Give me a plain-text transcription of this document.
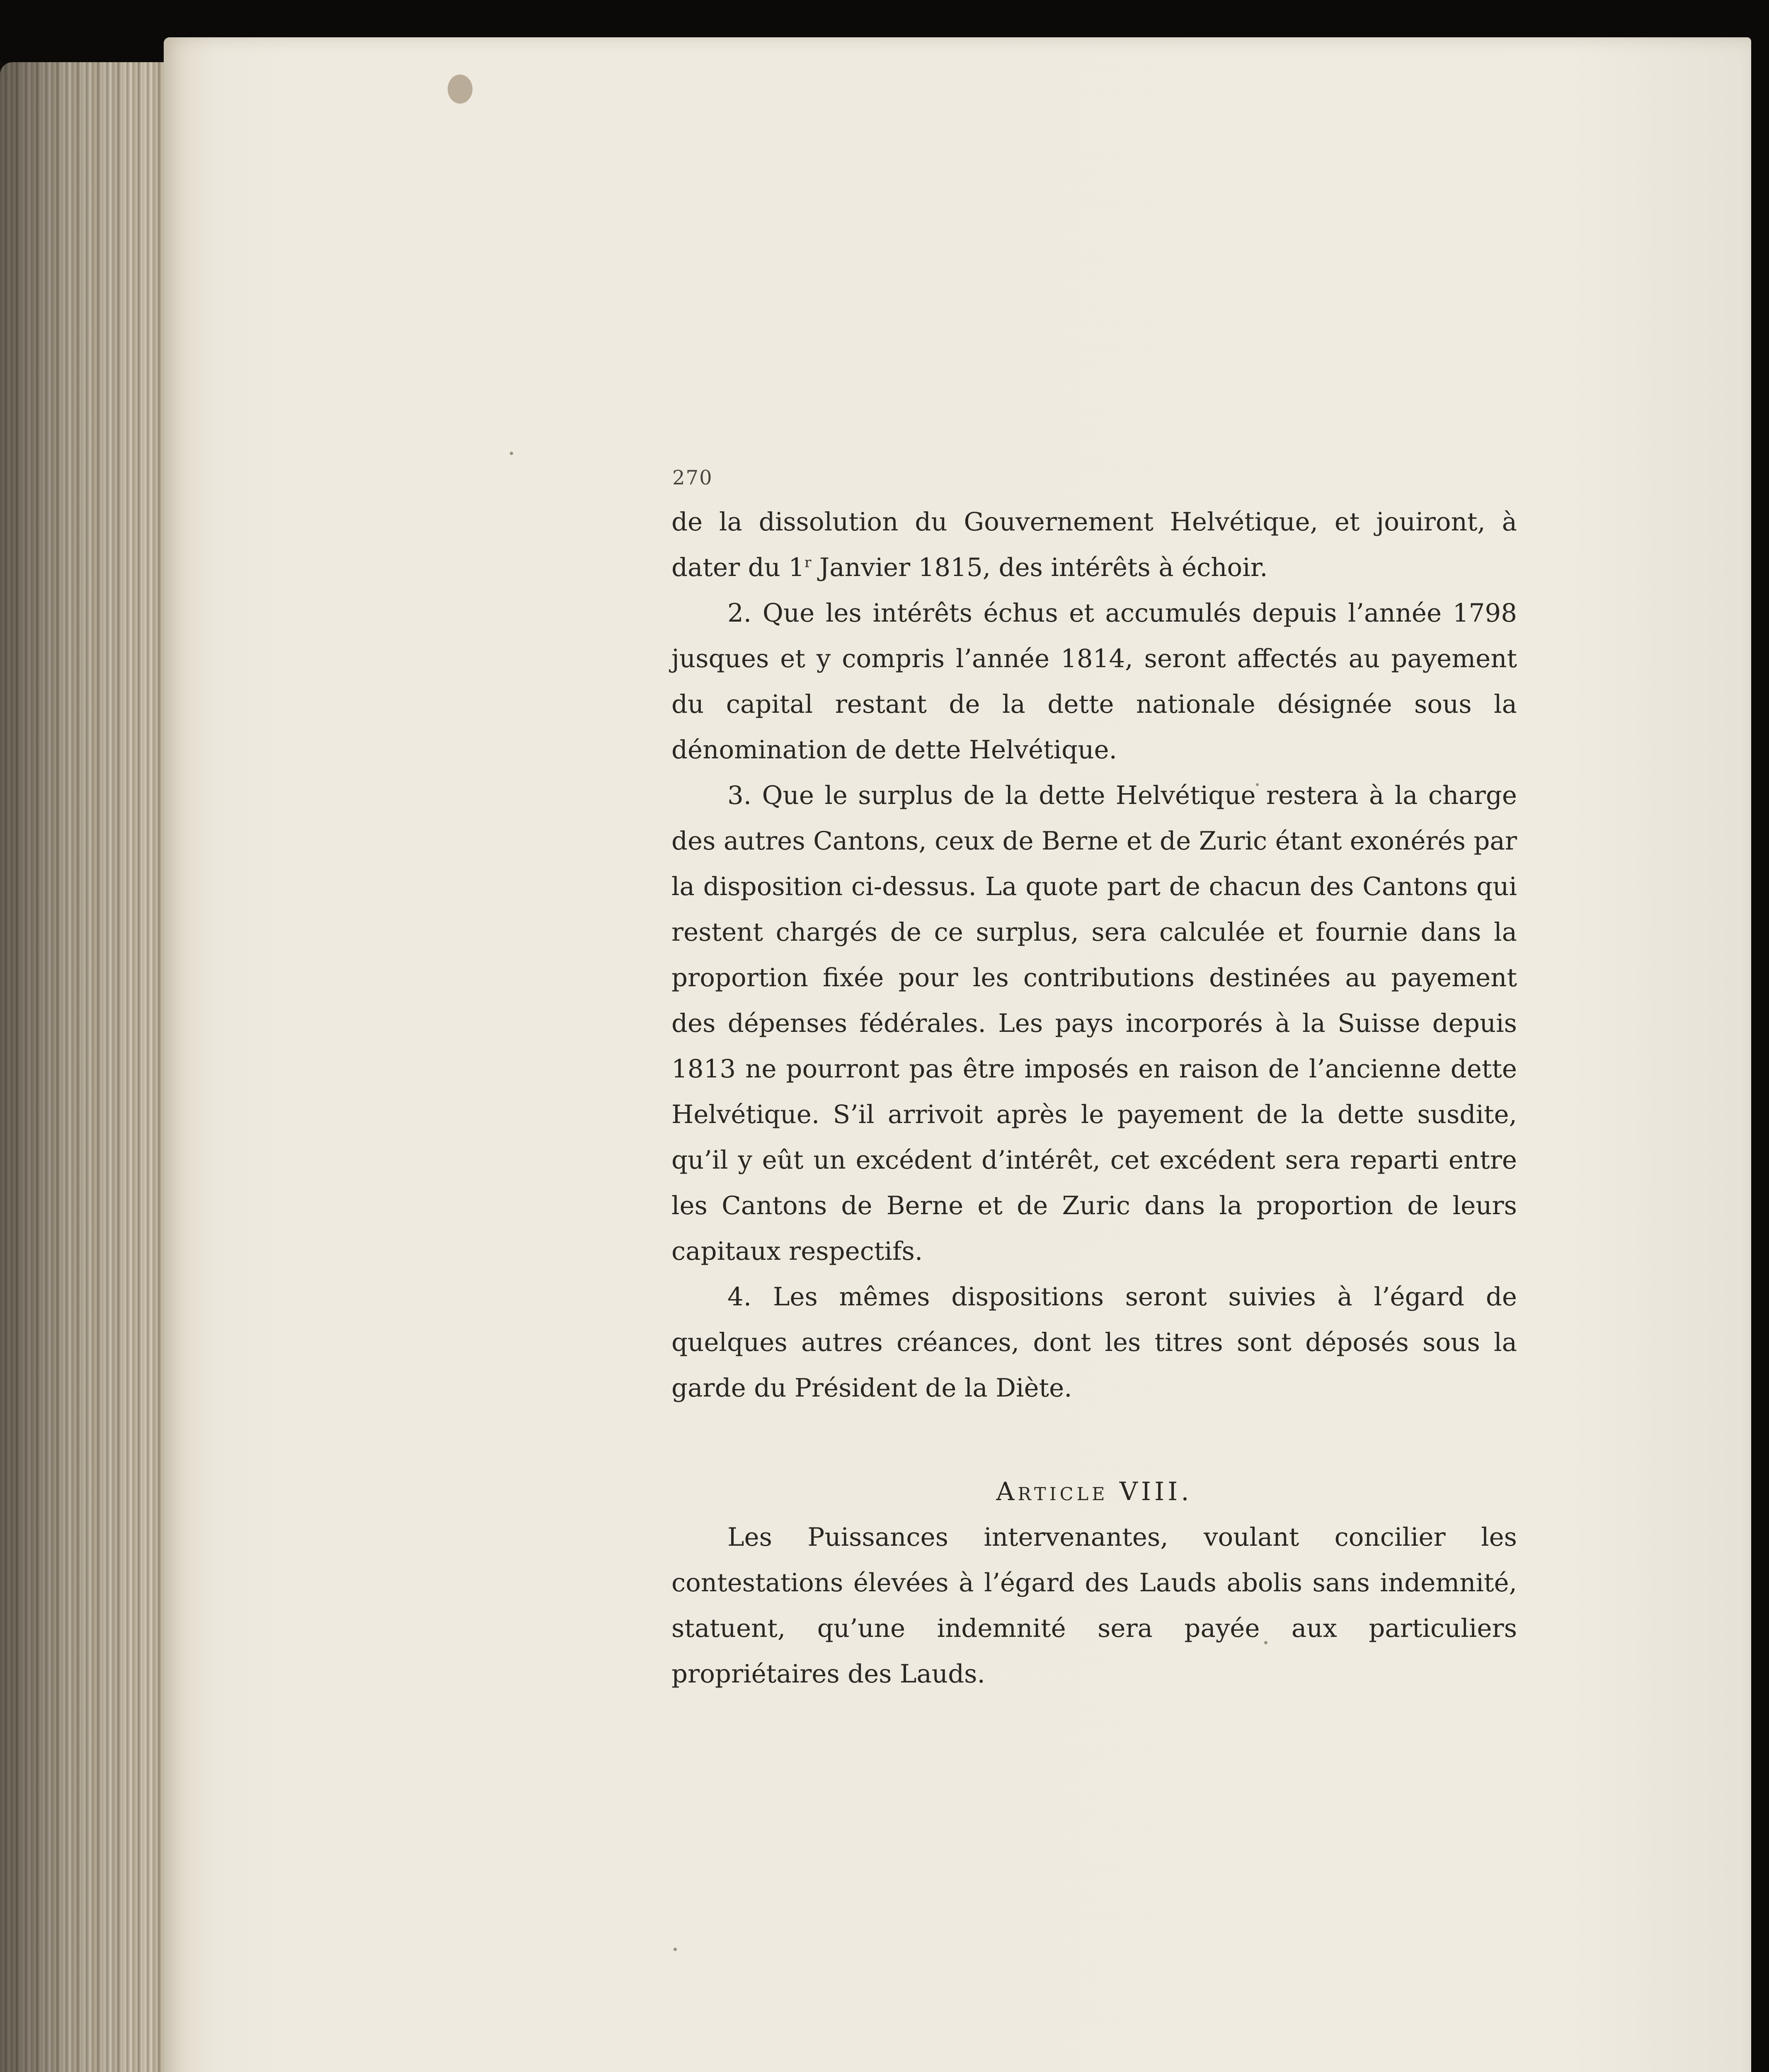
270

de la dissolution du Gouvernement Helvétique, et jouiront, à dater du 1$^r$ Janvier 1815, des intérêts à échoir.

2. Que les intérêts échus et accumulés depuis l’année 1798 jusques et y compris l’année 1814, seront affectés au payement du capital restant de la dette nationale désignée sous la dénomination de dette Helvétique.

3. Que le surplus de la dette Helvétique restera à la charge des autres Cantons, ceux de Berne et de Zuric étant exonérés par la disposition ci-dessus. La quote part de chacun des Cantons qui restent chargés de ce surplus, sera calculée et fournie dans la proportion fixée pour les contributions destinées au payement des dépenses fédérales. Les pays incorporés à la Suisse depuis 1813 ne pourront pas être imposés en raison de l’ancienne dette Helvétique. S’il arrivoit après le payement de la dette susdite, qu’il y eût un excédent d’intérêt, cet excédent sera reparti entre les Cantons de Berne et de Zuric dans la proportion de leurs capitaux respectifs.

4. Les mêmes dispositions seront suivies à l’égard de quelques autres créances, dont les titres sont déposés sous la garde du Président de la Diète.

Article VIII.

Les Puissances intervenantes, voulant concilier les contestations élevées à l’égard des Lauds abolis sans indemnité, statuent, qu’une indemnité sera payée aux particuliers propriétaires des Lauds.
